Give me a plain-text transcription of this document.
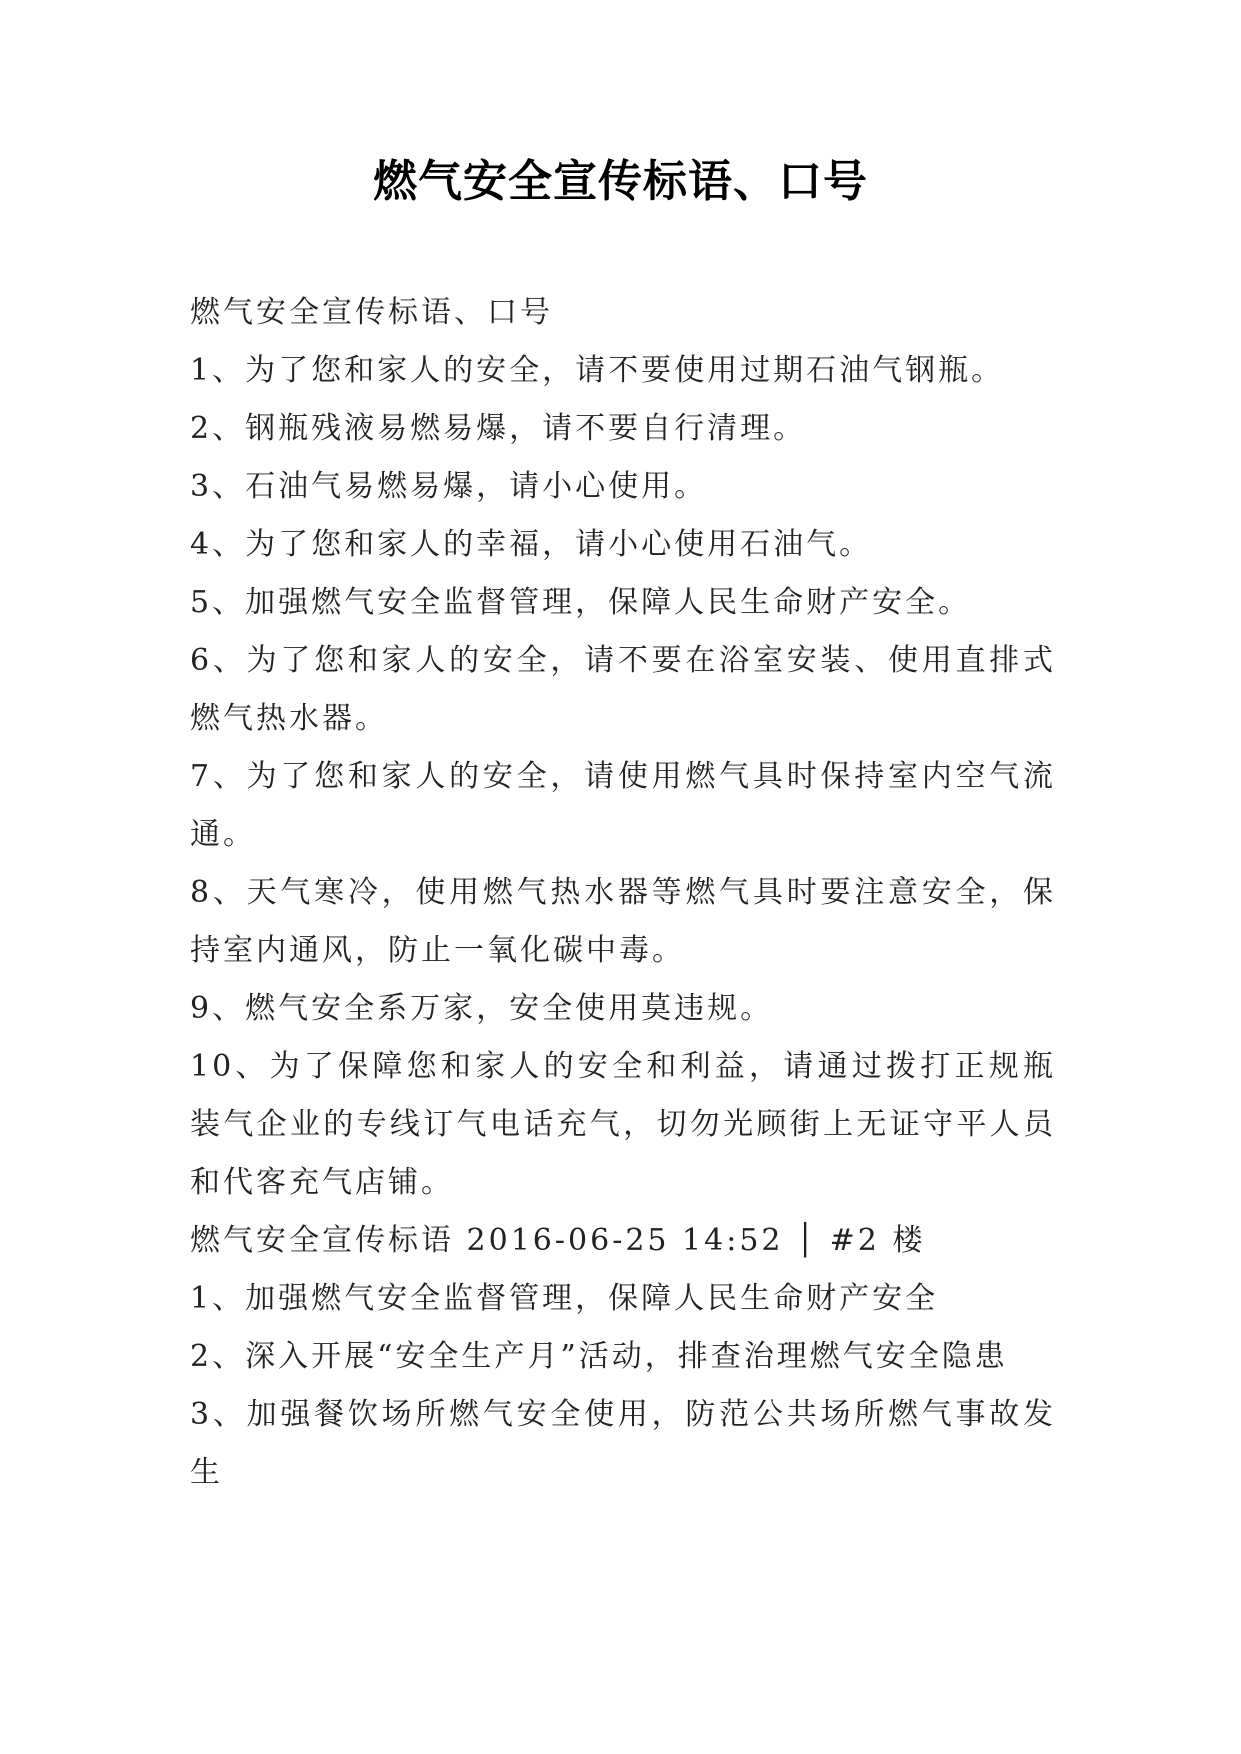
燃气安全宣传标语、口号

燃气安全宣传标语、口号

1、为了您和家人的安全，请不要使用过期石油气钢瓶。

2、钢瓶残液易燃易爆，请不要自行清理。

3、石油气易燃易爆，请小心使用。

4、为了您和家人的幸福，请小心使用石油气。

5、加强燃气安全监督管理，保障人民生命财产安全。

6、为了您和家人的安全，请不要在浴室安装、使用直排式燃气热水器。

7、为了您和家人的安全，请使用燃气具时保持室内空气流通。

8、天气寒冷，使用燃气热水器等燃气具时要注意安全，保持室内通风，防止一氧化碳中毒。

9、燃气安全系万家，安全使用莫违规。

10、为了保障您和家人的安全和利益，请通过拨打正规瓶装气企业的专线订气电话充气，切勿光顾街上无证守平人员和代客充气店铺。

燃气安全宣传标语 2016-06-25 14:52 │ #2 楼

1、加强燃气安全监督管理，保障人民生命财产安全

2、深入开展“安全生产月”活动，排查治理燃气安全隐患

3、加强餐饮场所燃气安全使用，防范公共场所燃气事故发生
